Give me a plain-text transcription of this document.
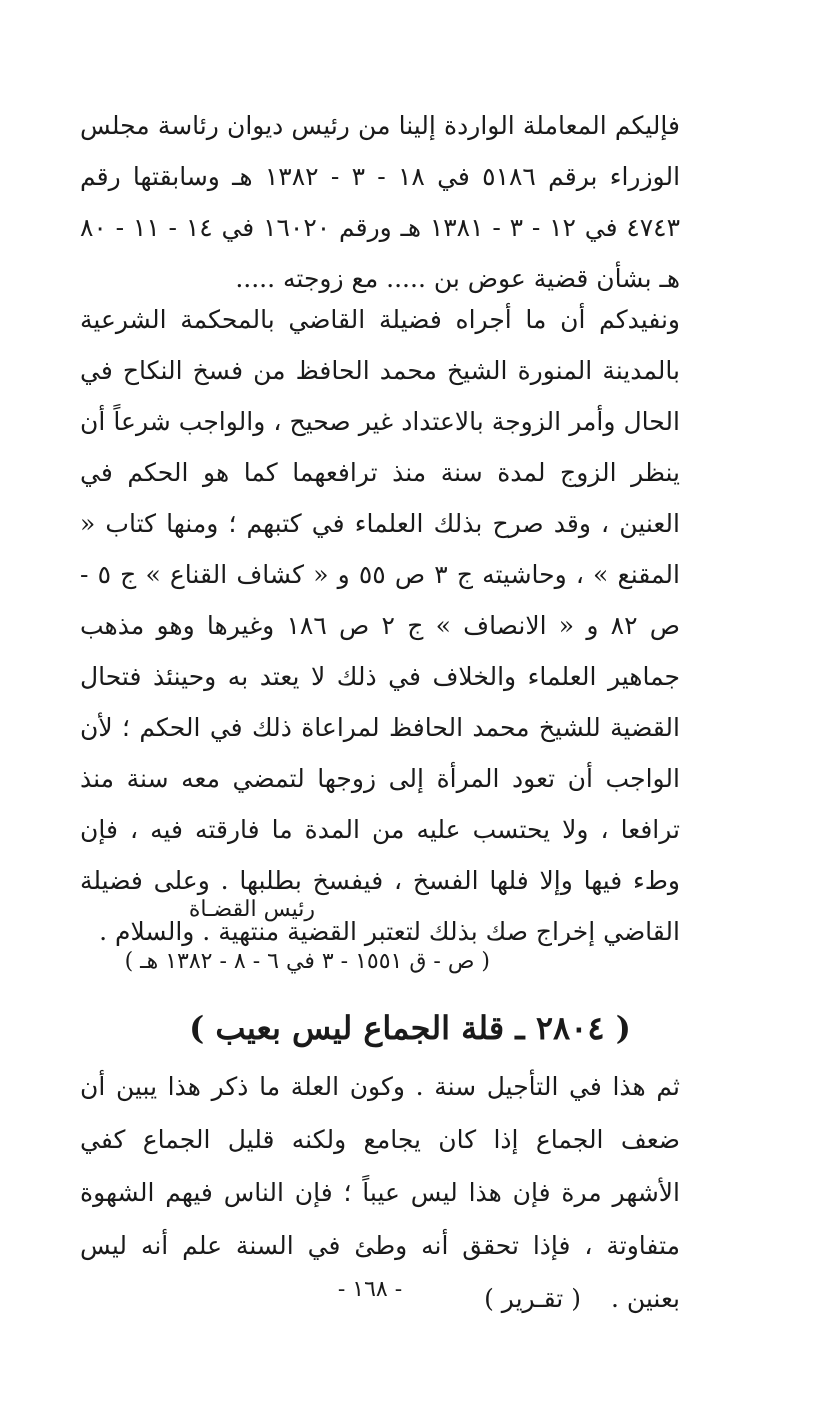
فإليكم المعاملة الواردة إلينا من رئيس ديوان رئاسة مجلس الوزراء برقم ٥١٨٦ في ١٨ - ٣ - ١٣٨٢ هـ وسابقتها رقم ٤٧٤٣ في ١٢ - ٣ - ١٣٨١ هـ ورقم ١٦٠٢٠ في ١٤ - ١١ - ٨٠ هـ بشأن قضية عوض بن ..... مع زوجته .....

ونفيدكم أن ما أجراه فضيلة القاضي بالمحكمة الشرعية بالمدينة المنورة الشيخ محمد الحافظ من فسخ النكاح في الحال وأمر الزوجة بالاعتداد غير صحيح ، والواجب شرعاً أن ينظر الزوج لمدة سنة منذ ترافعهما كما هو الحكم في العنين ، وقد صرح بذلك العلماء في كتبهم ؛ ومنها كتاب « المقنع » ، وحاشيته ج ٣ ص ٥٥ و « كشاف القناع » ج ٥ - ص ٨٢ و « الانصاف » ج ٢ ص ١٨٦ وغيرها وهو مذهب جماهير العلماء والخلاف في ذلك لا يعتد به وحينئذ فتحال القضية للشيخ محمد الحافظ لمراعاة ذلك في الحكم ؛ لأن الواجب أن تعود المرأة إلى زوجها لتمضي معه سنة منذ ترافعا ، ولا يحتسب عليه من المدة ما فارقته فيه ، فإن وطء فيها وإلا فلها الفسخ ، فيفسخ بطلبها . وعلى فضيلة القاضي إخراج صك بذلك لتعتبر القضية منتهية . والسلام .

رئيس القضـاة
( ص - ق ١٥٥١ - ٣ في ٦ - ٨ - ١٣٨٢ هـ )
( ٢٨٠٤ ـ قلة الجماع ليس بعيب )

ثم هذا في التأجيل سنة . وكون العلة ما ذكر هذا يبين أن ضعف الجماع إذا كان يجامع ولكنه قليل الجماع كفي الأشهر مرة فإن هذا ليس عيباً ؛ فإن الناس فيهم الشهوة متفاوتة ، فإذا تحقق أنه وطئ في السنة علم أنه ليس بعنين .( تقـرير )

- ١٦٨ -
